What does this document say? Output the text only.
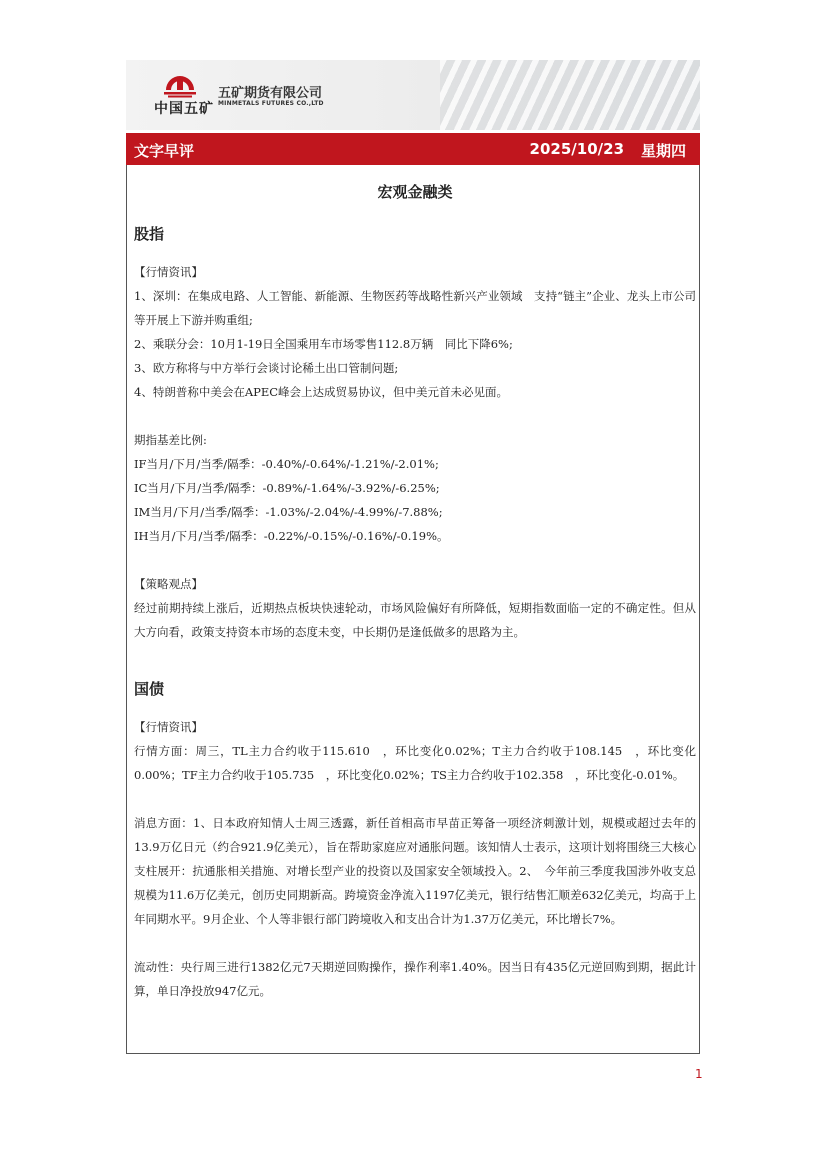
中国五矿
五矿期货有限公司
MINMETALS FUTURES CO.,LTD
文字早评	2025/10/23 星期四
宏观金融类
股指

【行情资讯】

1、深圳：在集成电路、人工智能、新能源、生物医药等战略性新兴产业领域　支持“链主”企业、龙头上市公司等开展上下游并购重组;

2、乘联分会：10月1-19日全国乘用车市场零售112.8万辆　同比下降6%;

3、欧方称将与中方举行会谈讨论稀土出口管制问题;

4、特朗普称中美会在APEC峰会上达成贸易协议，但中美元首未必见面。

期指基差比例:

IF当月/下月/当季/隔季：-0.40%/-0.64%/-1.21%/-2.01%;

IC当月/下月/当季/隔季：-0.89%/-1.64%/-3.92%/-6.25%;

IM当月/下月/当季/隔季：-1.03%/-2.04%/-4.99%/-7.88%;

IH当月/下月/当季/隔季：-0.22%/-0.15%/-0.16%/-0.19%。

【策略观点】

经过前期持续上涨后，近期热点板块快速轮动，市场风险偏好有所降低，短期指数面临一定的不确定性。但从大方向看，政策支持资本市场的态度未变，中长期仍是逢低做多的思路为主。

国债

【行情资讯】

行情方面：周三，TL主力合约收于115.610　，环比变化0.02%；T主力合约收于108.145　，环比变化0.00%；TF主力合约收于105.735　，环比变化0.02%；TS主力合约收于102.358　，环比变化-0.01%。

消息方面：1、日本政府知情人士周三透露，新任首相高市早苗正筹备一项经济刺激计划，规模或超过去年的13.9万亿日元（约合921.9亿美元），旨在帮助家庭应对通胀问题。该知情人士表示，这项计划将围绕三大核心支柱展开：抗通胀相关措施、对增长型产业的投资以及国家安全领域投入。2、　今年前三季度我国涉外收支总规模为11.6万亿美元，创历史同期新高。跨境资金净流入1197亿美元，银行结售汇顺差632亿美元，均高于上年同期水平。9月企业、个人等非银行部门跨境收入和支出合计为1.37万亿美元，环比增长7%。

流动性：央行周三进行1382亿元7天期逆回购操作，操作利率1.40%。因当日有435亿元逆回购到期，据此计算，单日净投放947亿元。

1
